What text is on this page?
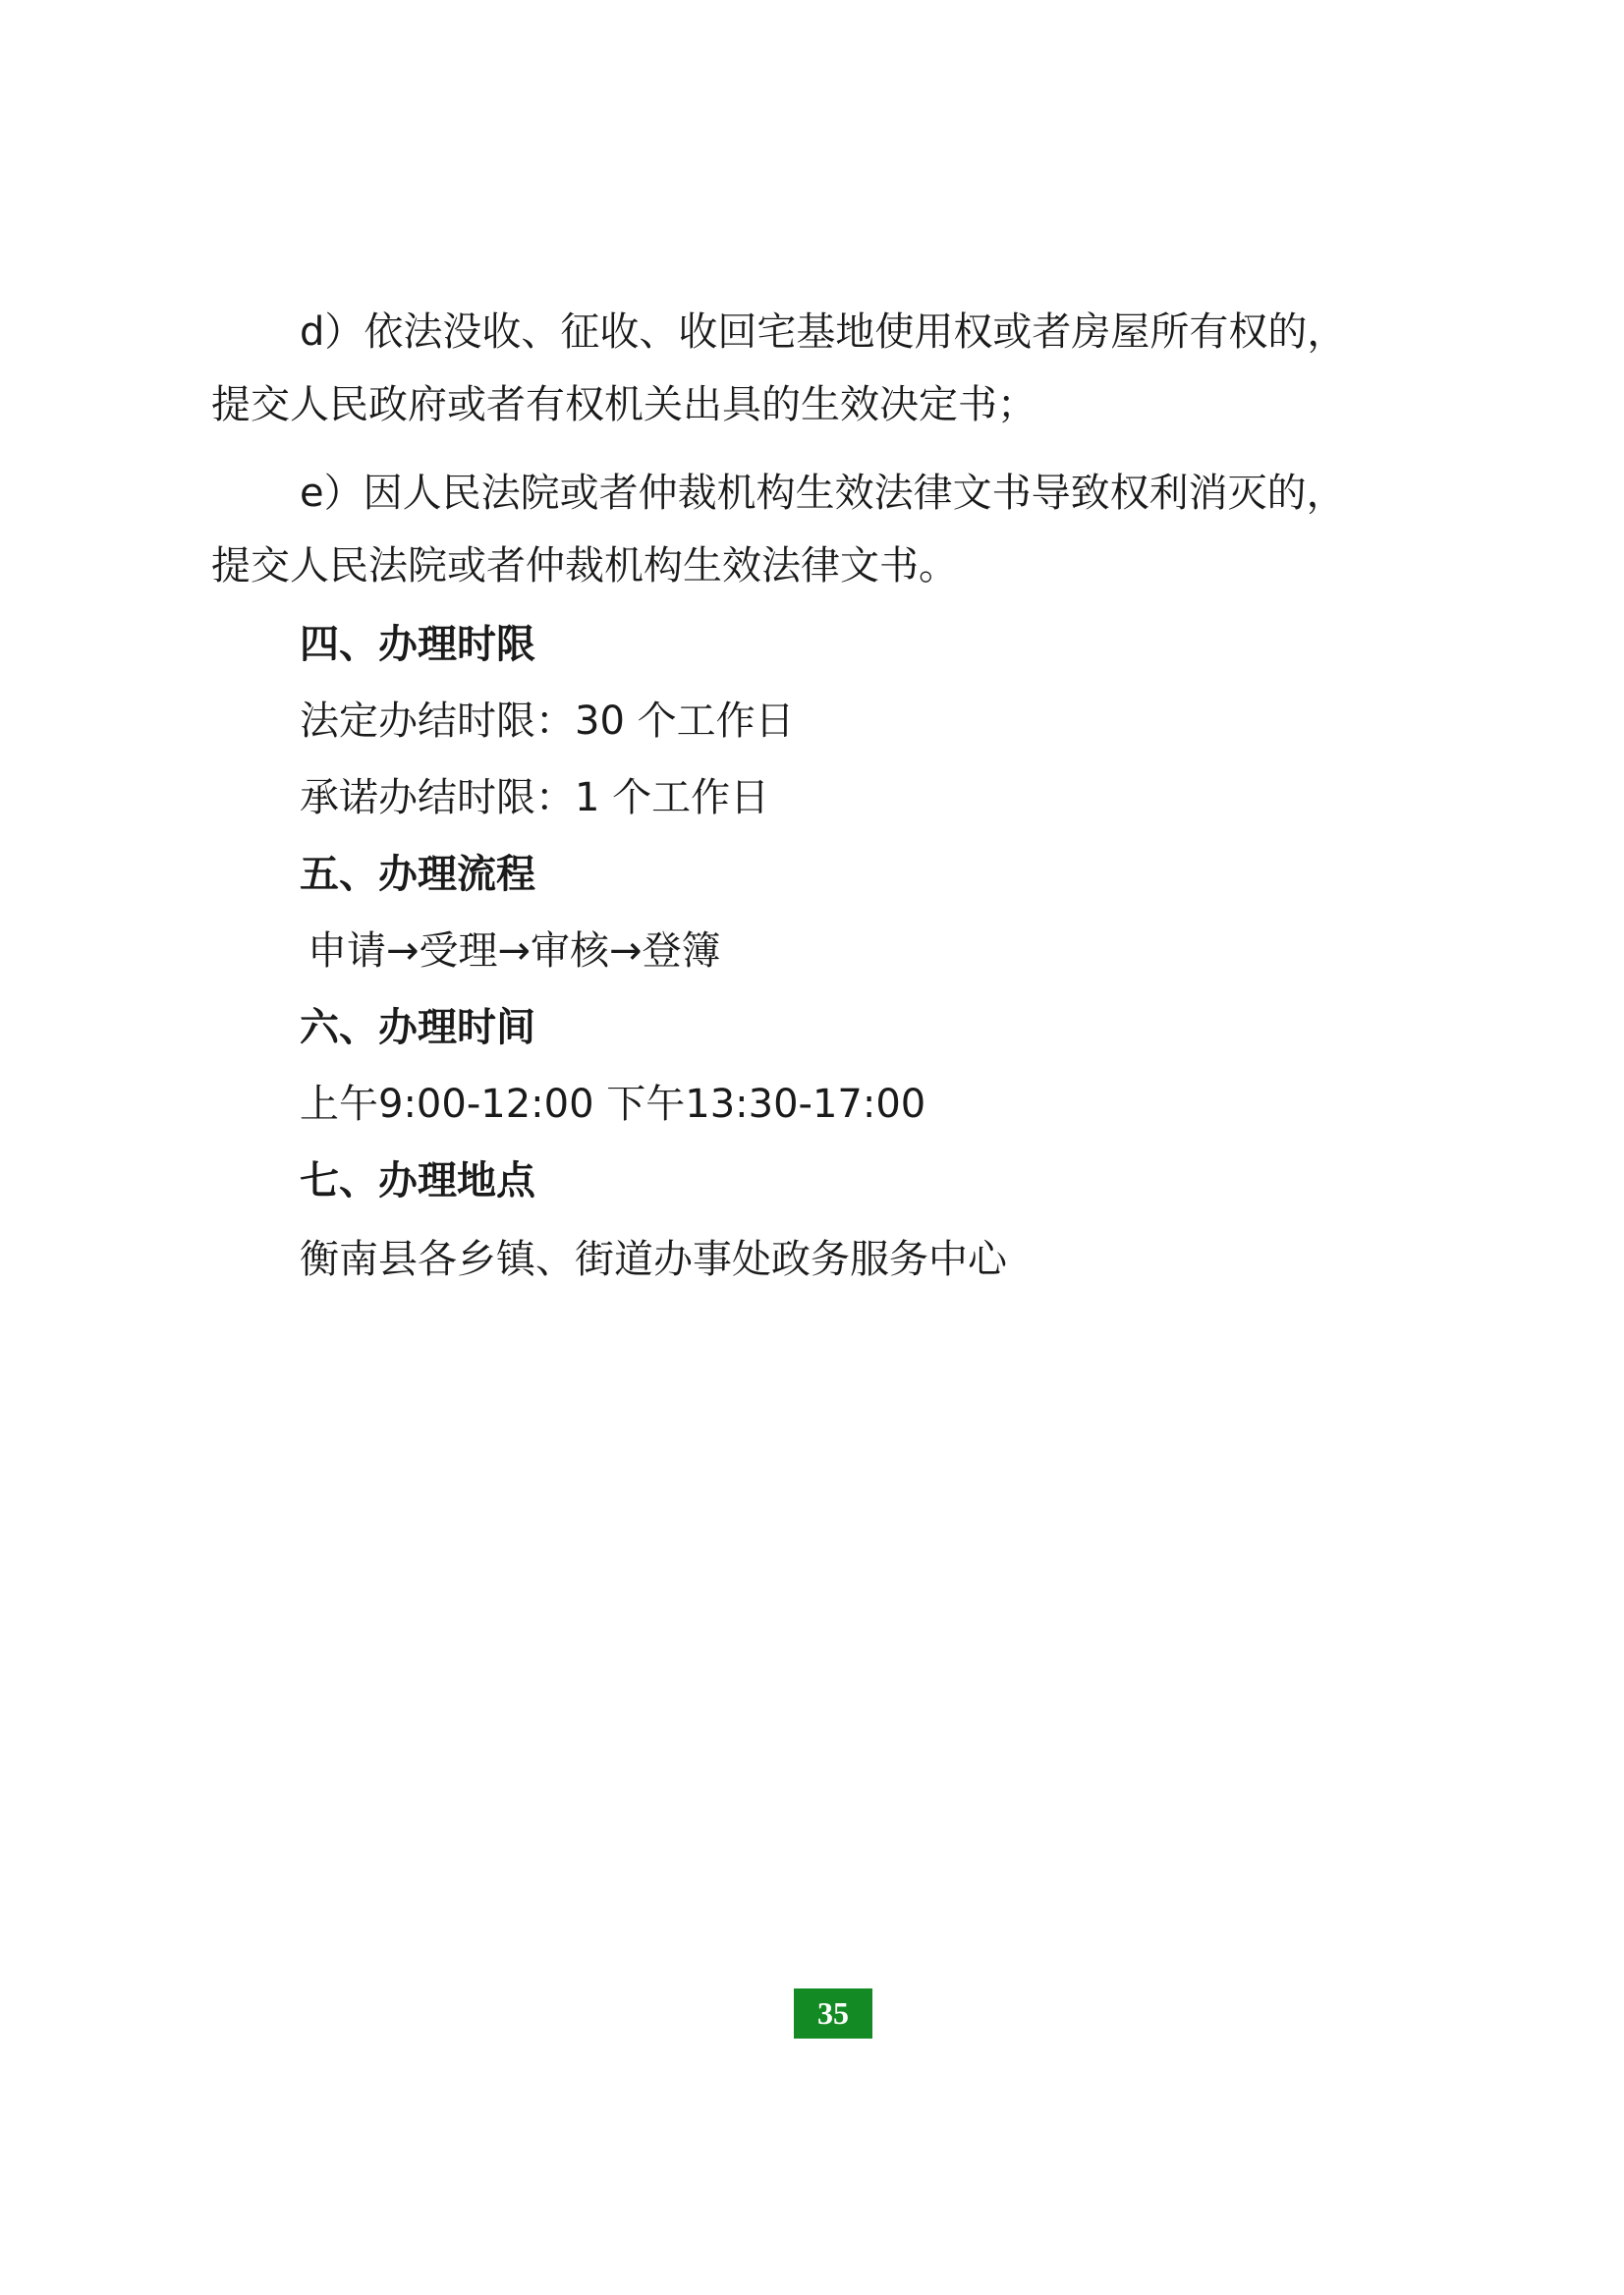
d）依法没收、征收、收回宅基地使用权或者房屋所有权的，
提交人民政府或者有权机关出具的生效决定书；
e）因人民法院或者仲裁机构生效法律文书导致权利消灭的，
提交人民法院或者仲裁机构生效法律文书。
四、办理时限
法定办结时限：30 个工作日
承诺办结时限：1 个工作日
五、办理流程
申请→受理→审核→登簿
六、办理时间
上午9:00-12:00 下午13:30-17:00
七、办理地点
衡南县各乡镇、街道办事处政务服务中心
35
